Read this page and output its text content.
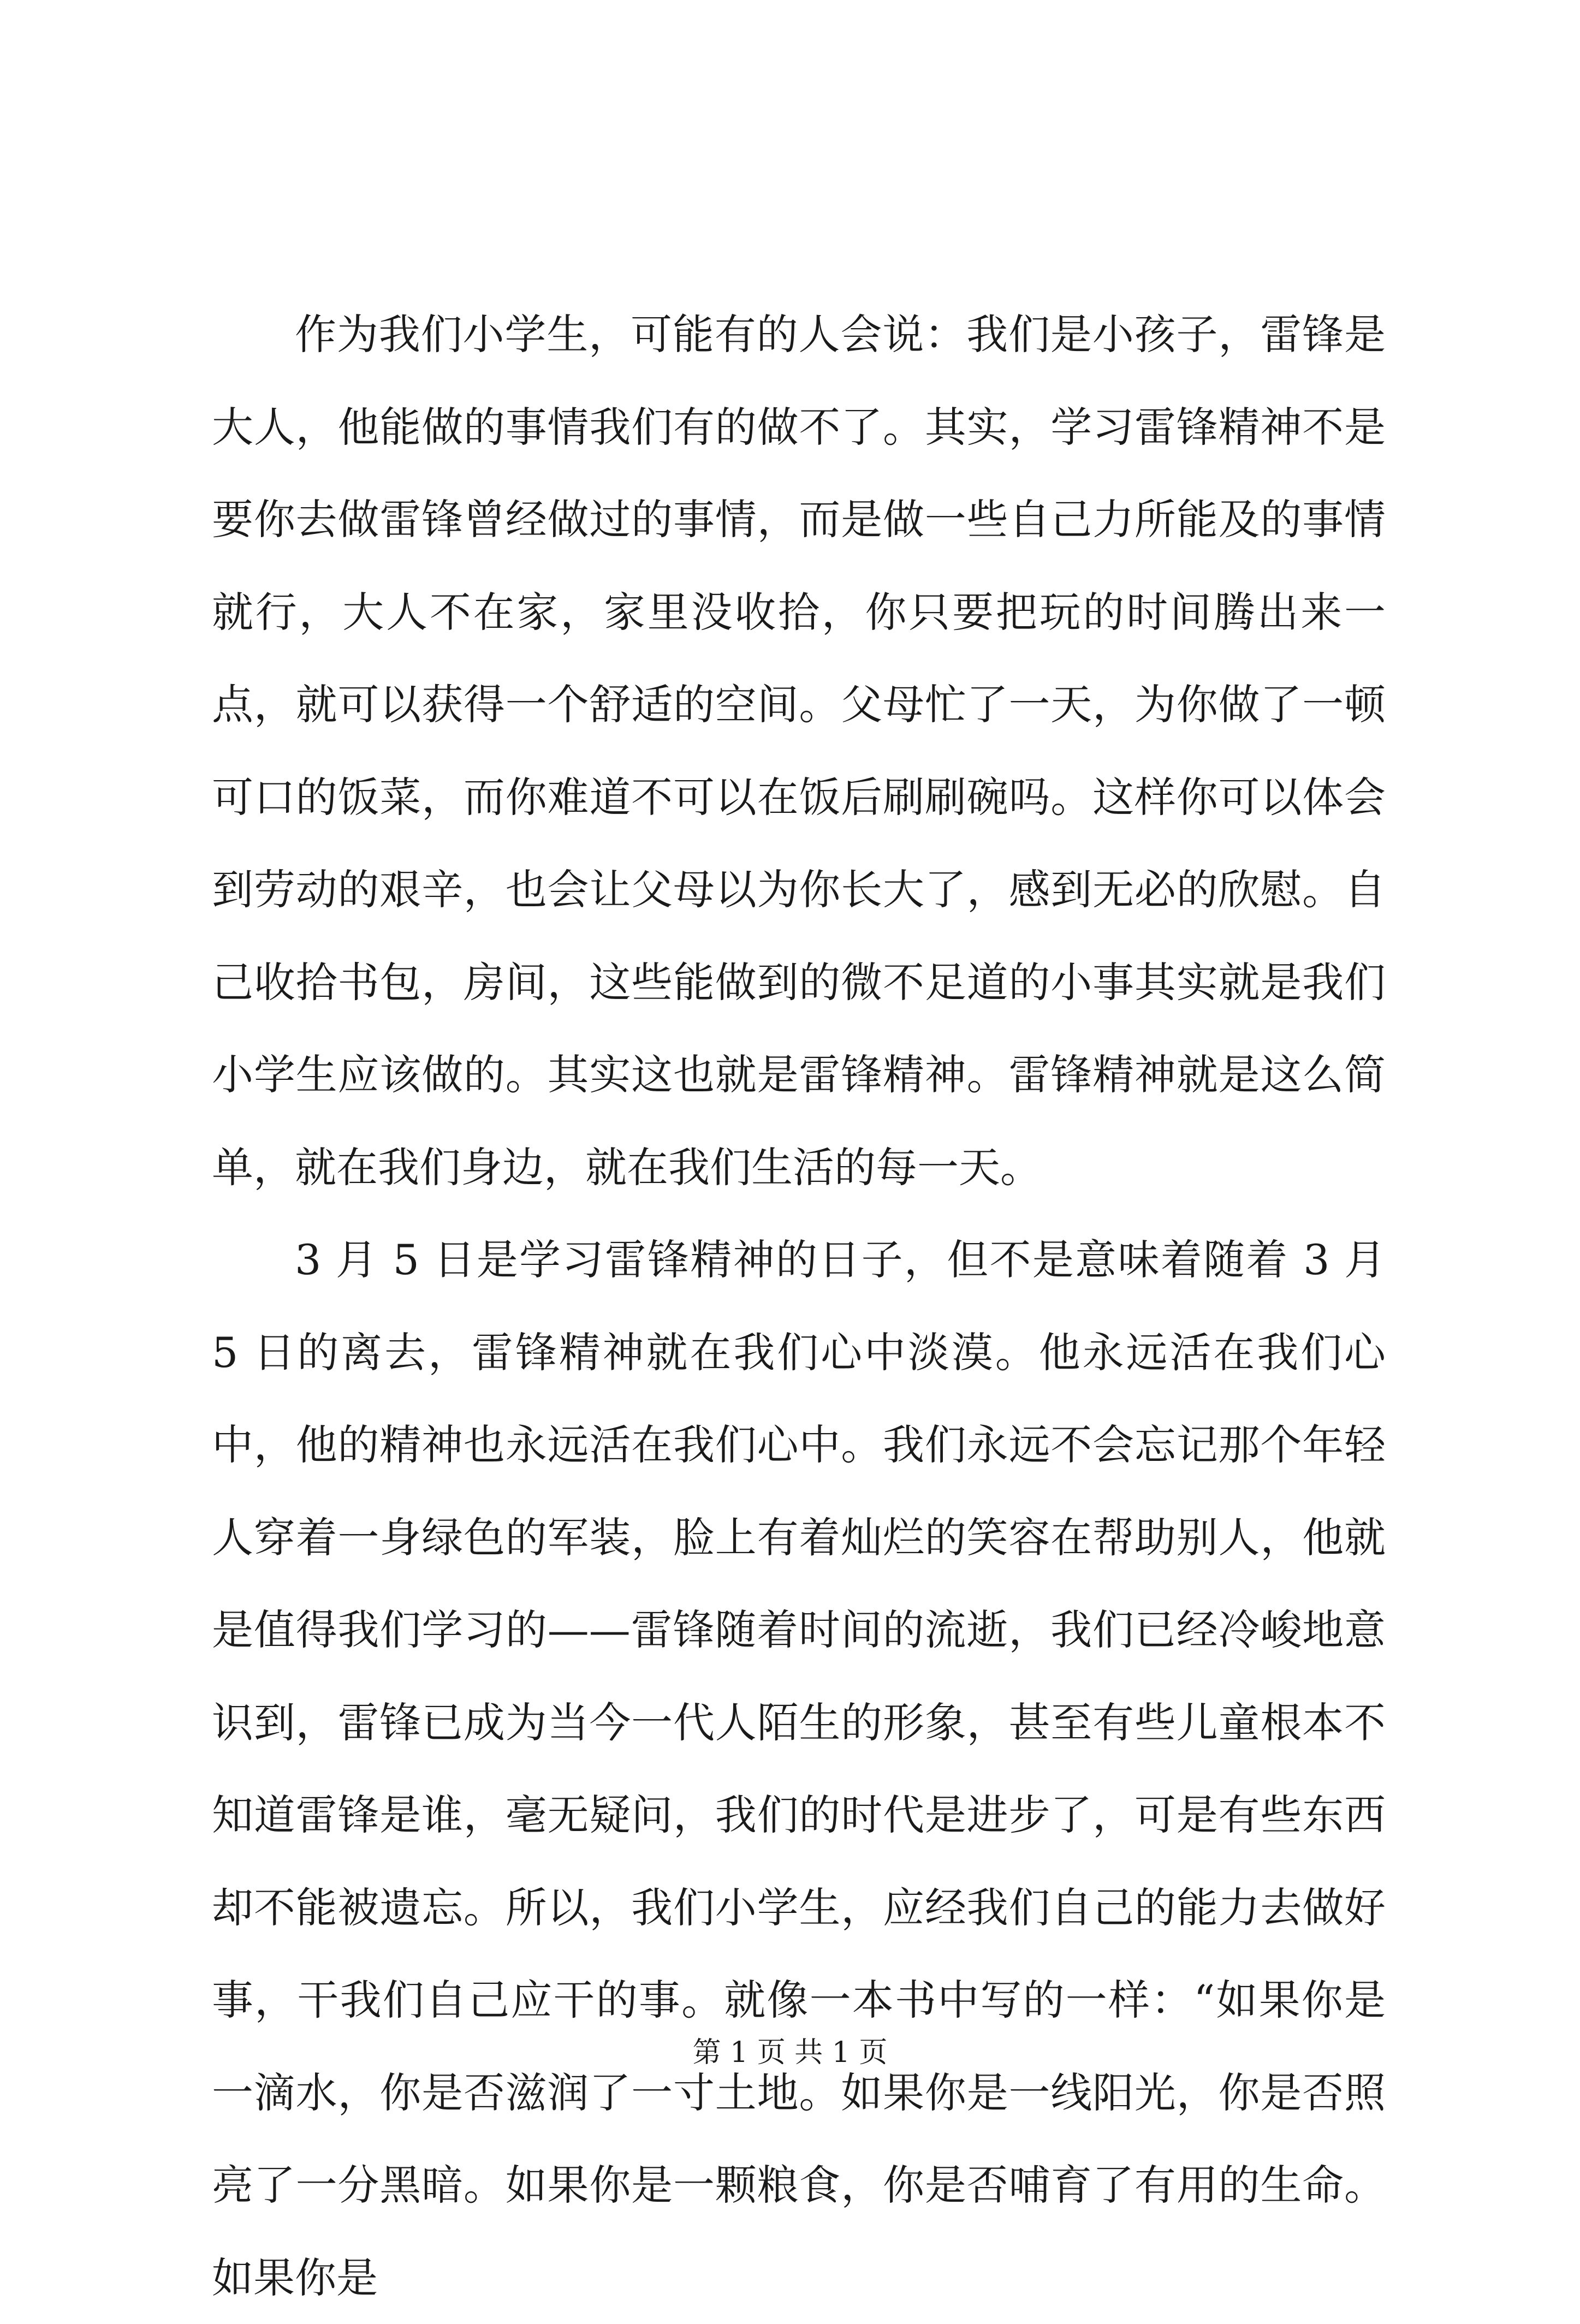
作为我们小学生，可能有的人会说：我们是小孩子，雷锋是大人，他能做的事情我们有的做不了。其实，学习雷锋精神不是要你去做雷锋曾经做过的事情，而是做一些自己力所能及的事情就行，大人不在家，家里没收拾，你只要把玩的时间腾出来一点，就可以获得一个舒适的空间。父母忙了一天，为你做了一顿可口的饭菜，而你难道不可以在饭后刷刷碗吗。这样你可以体会到劳动的艰辛，也会让父母以为你长大了，感到无必的欣慰。自己收拾书包，房间，这些能做到的微不足道的小事其实就是我们小学生应该做的。其实这也就是雷锋精神。雷锋精神就是这么简单，就在我们身边，就在我们生活的每一天。

3 月 5 日是学习雷锋精神的日子，但不是意味着随着 3 月 5 日的离去，雷锋精神就在我们心中淡漠。他永远活在我们心中，他的精神也永远活在我们心中。我们永远不会忘记那个年轻人穿着一身绿色的军装，脸上有着灿烂的笑容在帮助别人，他就是值得我们学习的——雷锋随着时间的流逝，我们已经冷峻地意识到，雷锋已成为当今一代人陌生的形象，甚至有些儿童根本不知道雷锋是谁，毫无疑问，我们的时代是进步了，可是有些东西却不能被遗忘。所以，我们小学生，应经我们自己的能力去做好事，干我们自己应干的事。就像一本书中写的一样：“如果你是一滴水，你是否滋润了一寸土地。如果你是一线阳光，你是否照亮了一分黑暗。如果你是一颗粮食，你是否哺育了有用的生命。如果你是

第 1 页 共 1 页
